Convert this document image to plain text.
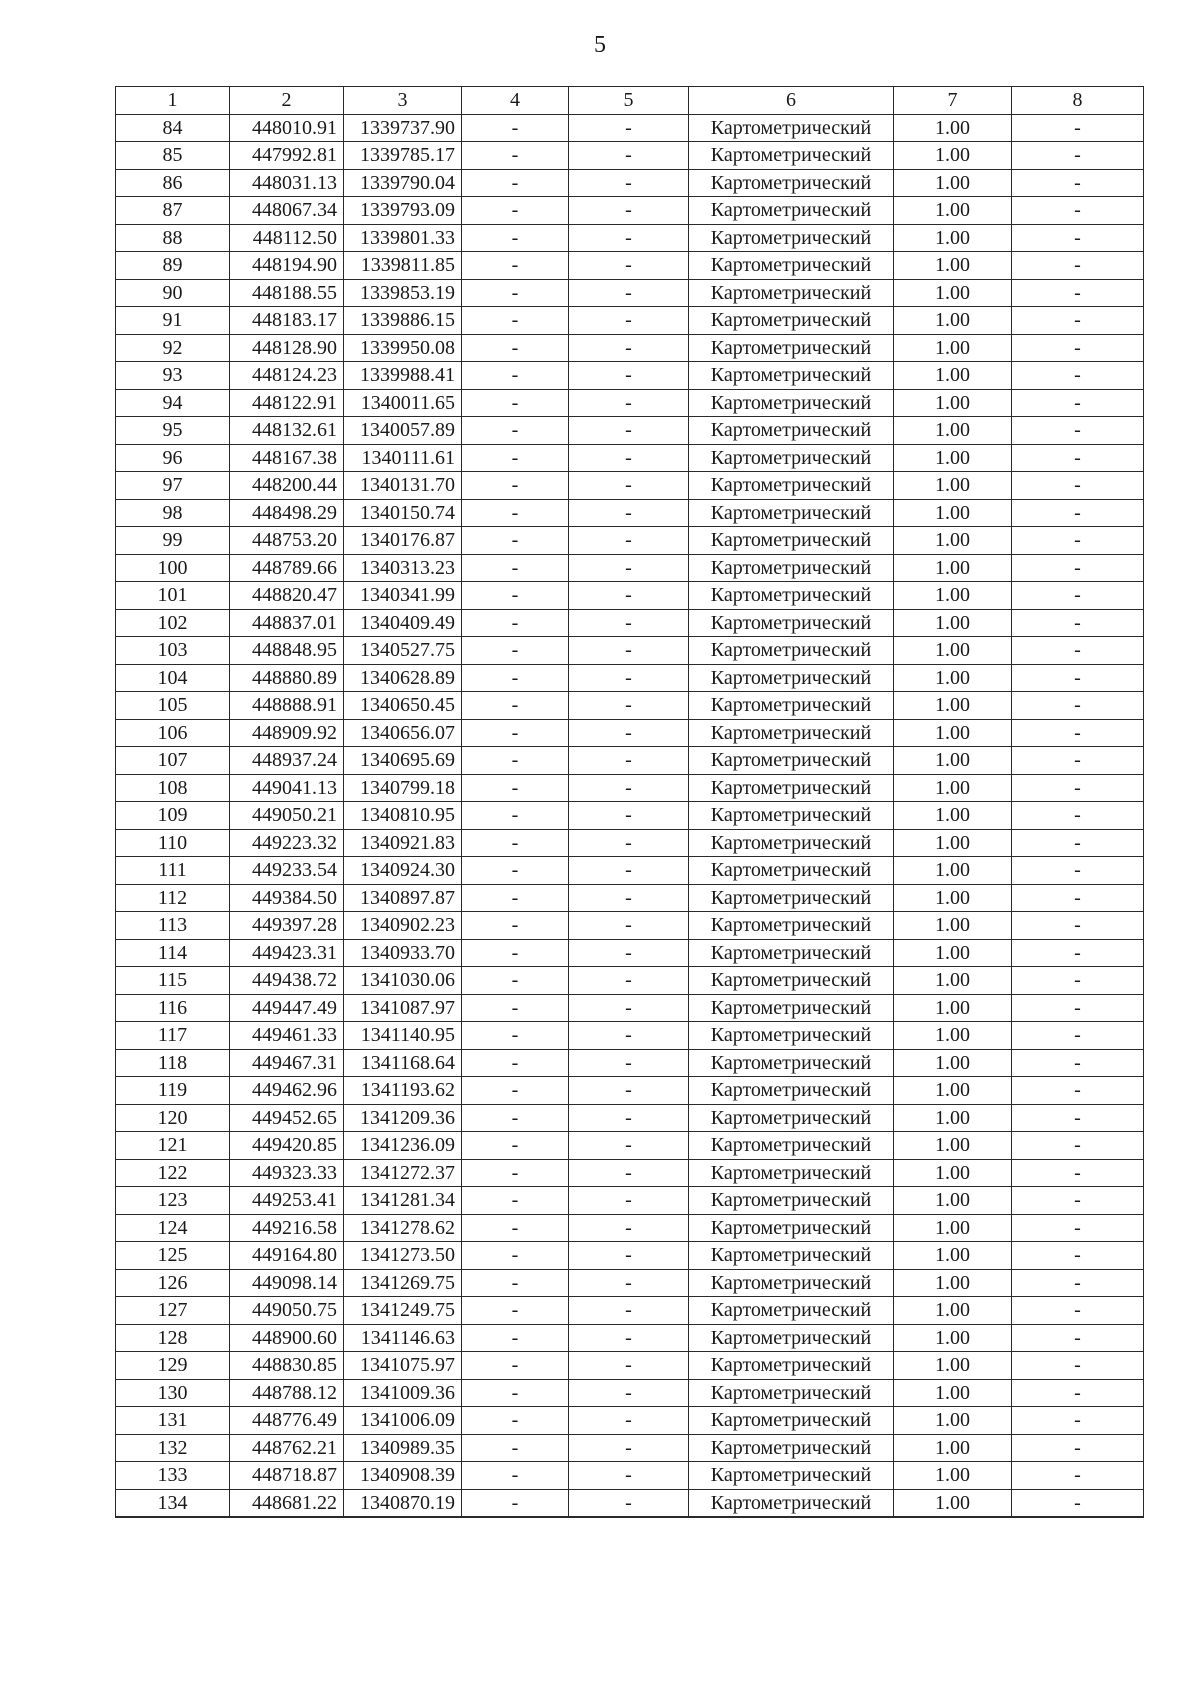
5
1	2	3	4	5	6	7	8
84	448010.91	1339737.90	-	-	Картометрический	1.00	-
85	447992.81	1339785.17	-	-	Картометрический	1.00	-
86	448031.13	1339790.04	-	-	Картометрический	1.00	-
87	448067.34	1339793.09	-	-	Картометрический	1.00	-
88	448112.50	1339801.33	-	-	Картометрический	1.00	-
89	448194.90	1339811.85	-	-	Картометрический	1.00	-
90	448188.55	1339853.19	-	-	Картометрический	1.00	-
91	448183.17	1339886.15	-	-	Картометрический	1.00	-
92	448128.90	1339950.08	-	-	Картометрический	1.00	-
93	448124.23	1339988.41	-	-	Картометрический	1.00	-
94	448122.91	1340011.65	-	-	Картометрический	1.00	-
95	448132.61	1340057.89	-	-	Картометрический	1.00	-
96	448167.38	1340111.61	-	-	Картометрический	1.00	-
97	448200.44	1340131.70	-	-	Картометрический	1.00	-
98	448498.29	1340150.74	-	-	Картометрический	1.00	-
99	448753.20	1340176.87	-	-	Картометрический	1.00	-
100	448789.66	1340313.23	-	-	Картометрический	1.00	-
101	448820.47	1340341.99	-	-	Картометрический	1.00	-
102	448837.01	1340409.49	-	-	Картометрический	1.00	-
103	448848.95	1340527.75	-	-	Картометрический	1.00	-
104	448880.89	1340628.89	-	-	Картометрический	1.00	-
105	448888.91	1340650.45	-	-	Картометрический	1.00	-
106	448909.92	1340656.07	-	-	Картометрический	1.00	-
107	448937.24	1340695.69	-	-	Картометрический	1.00	-
108	449041.13	1340799.18	-	-	Картометрический	1.00	-
109	449050.21	1340810.95	-	-	Картометрический	1.00	-
110	449223.32	1340921.83	-	-	Картометрический	1.00	-
111	449233.54	1340924.30	-	-	Картометрический	1.00	-
112	449384.50	1340897.87	-	-	Картометрический	1.00	-
113	449397.28	1340902.23	-	-	Картометрический	1.00	-
114	449423.31	1340933.70	-	-	Картометрический	1.00	-
115	449438.72	1341030.06	-	-	Картометрический	1.00	-
116	449447.49	1341087.97	-	-	Картометрический	1.00	-
117	449461.33	1341140.95	-	-	Картометрический	1.00	-
118	449467.31	1341168.64	-	-	Картометрический	1.00	-
119	449462.96	1341193.62	-	-	Картометрический	1.00	-
120	449452.65	1341209.36	-	-	Картометрический	1.00	-
121	449420.85	1341236.09	-	-	Картометрический	1.00	-
122	449323.33	1341272.37	-	-	Картометрический	1.00	-
123	449253.41	1341281.34	-	-	Картометрический	1.00	-
124	449216.58	1341278.62	-	-	Картометрический	1.00	-
125	449164.80	1341273.50	-	-	Картометрический	1.00	-
126	449098.14	1341269.75	-	-	Картометрический	1.00	-
127	449050.75	1341249.75	-	-	Картометрический	1.00	-
128	448900.60	1341146.63	-	-	Картометрический	1.00	-
129	448830.85	1341075.97	-	-	Картометрический	1.00	-
130	448788.12	1341009.36	-	-	Картометрический	1.00	-
131	448776.49	1341006.09	-	-	Картометрический	1.00	-
132	448762.21	1340989.35	-	-	Картометрический	1.00	-
133	448718.87	1340908.39	-	-	Картометрический	1.00	-
134	448681.22	1340870.19	-	-	Картометрический	1.00	-
